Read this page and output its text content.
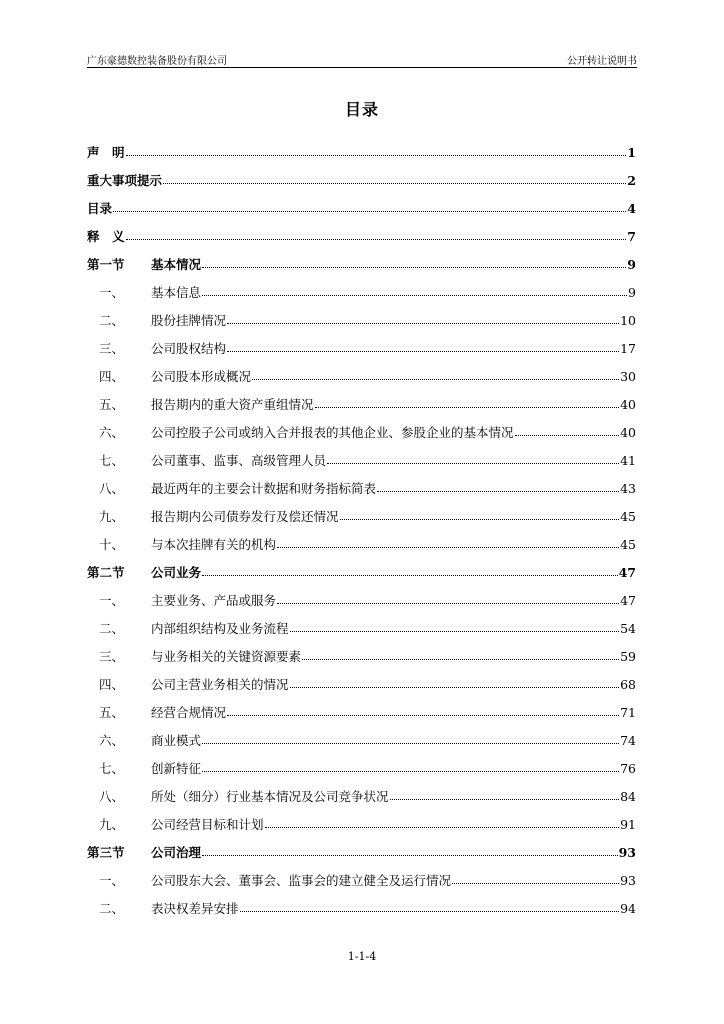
广东豪德数控装备股份有限公司	公开转让说明书
目录
声　明	1
重大事项提示	2
目录	4
释　义	7
第一节	基本情况	9
一、	基本信息	9
二、	股份挂牌情况	10
三、	公司股权结构	17
四、	公司股本形成概况	30
五、	报告期内的重大资产重组情况	40
六、	公司控股子公司或纳入合并报表的其他企业、参股企业的基本情况	40
七、	公司董事、监事、高级管理人员	41
八、	最近两年的主要会计数据和财务指标简表	43
九、	报告期内公司债券发行及偿还情况	45
十、	与本次挂牌有关的机构	45
第二节	公司业务	47
一、	主要业务、产品或服务	47
二、	内部组织结构及业务流程	54
三、	与业务相关的关键资源要素	59
四、	公司主营业务相关的情况	68
五、	经营合规情况	71
六、	商业模式	74
七、	创新特征	76
八、	所处（细分）行业基本情况及公司竞争状况	84
九、	公司经营目标和计划	91
第三节	公司治理	93
一、	公司股东大会、董事会、监事会的建立健全及运行情况	93
二、	表决权差异安排	94
1-1-4
